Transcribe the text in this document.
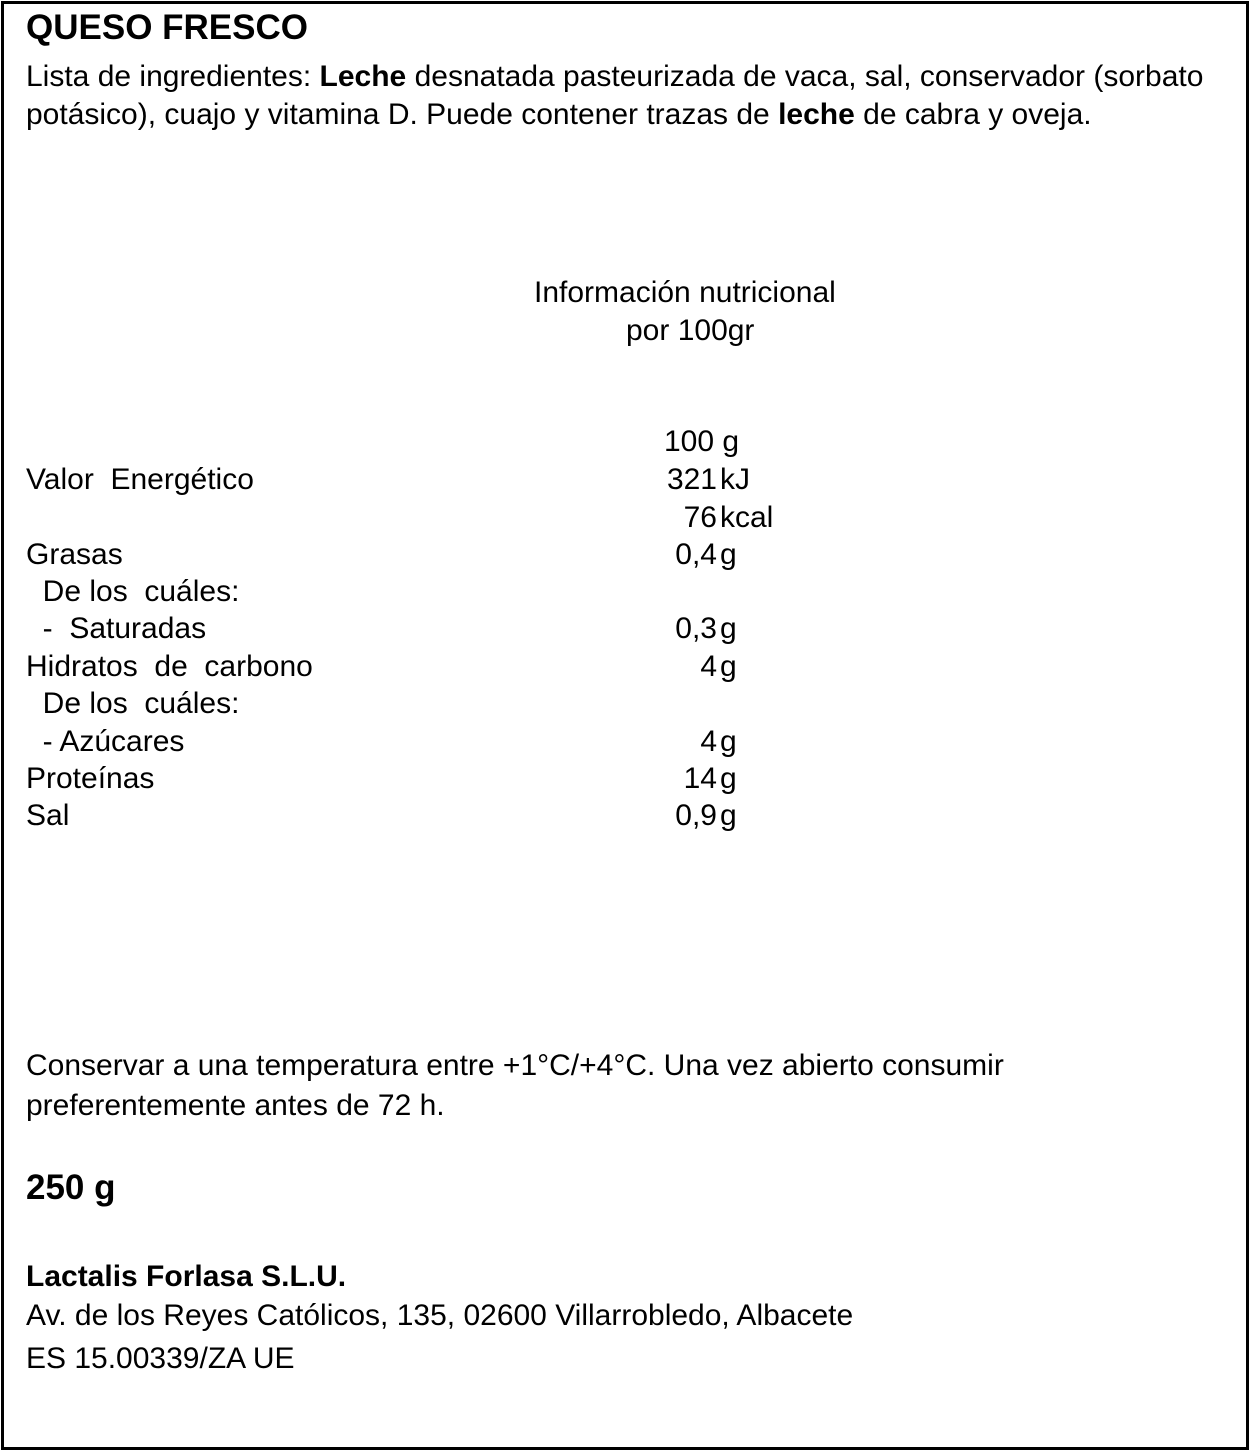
QUESO FRESCO
Lista de ingredientes: Leche desnatada pasteurizada de vaca, sal, conservador (sorbato potásico), cuajo y vitamina D. Puede contener trazas de leche de cabra y oveja.
Información nutricional
por 100gr
100 g
Valor  Energético	321 kJ
76 kcal
Grasas	0,4 g
De los  cuáles:
-  Saturadas	0,3 g
Hidratos  de  carbono	4 g
De los  cuáles:
- Azúcares	4 g
Proteínas	14 g
Sal	0,9 g
Conservar a una temperatura entre +1°C/+4°C. Una vez abierto consumir preferentemente antes de 72 h.
250 g
Lactalis Forlasa S.L.U.
Av. de los Reyes Católicos, 135, 02600 Villarrobledo, Albacete
ES 15.00339/ZA UE
